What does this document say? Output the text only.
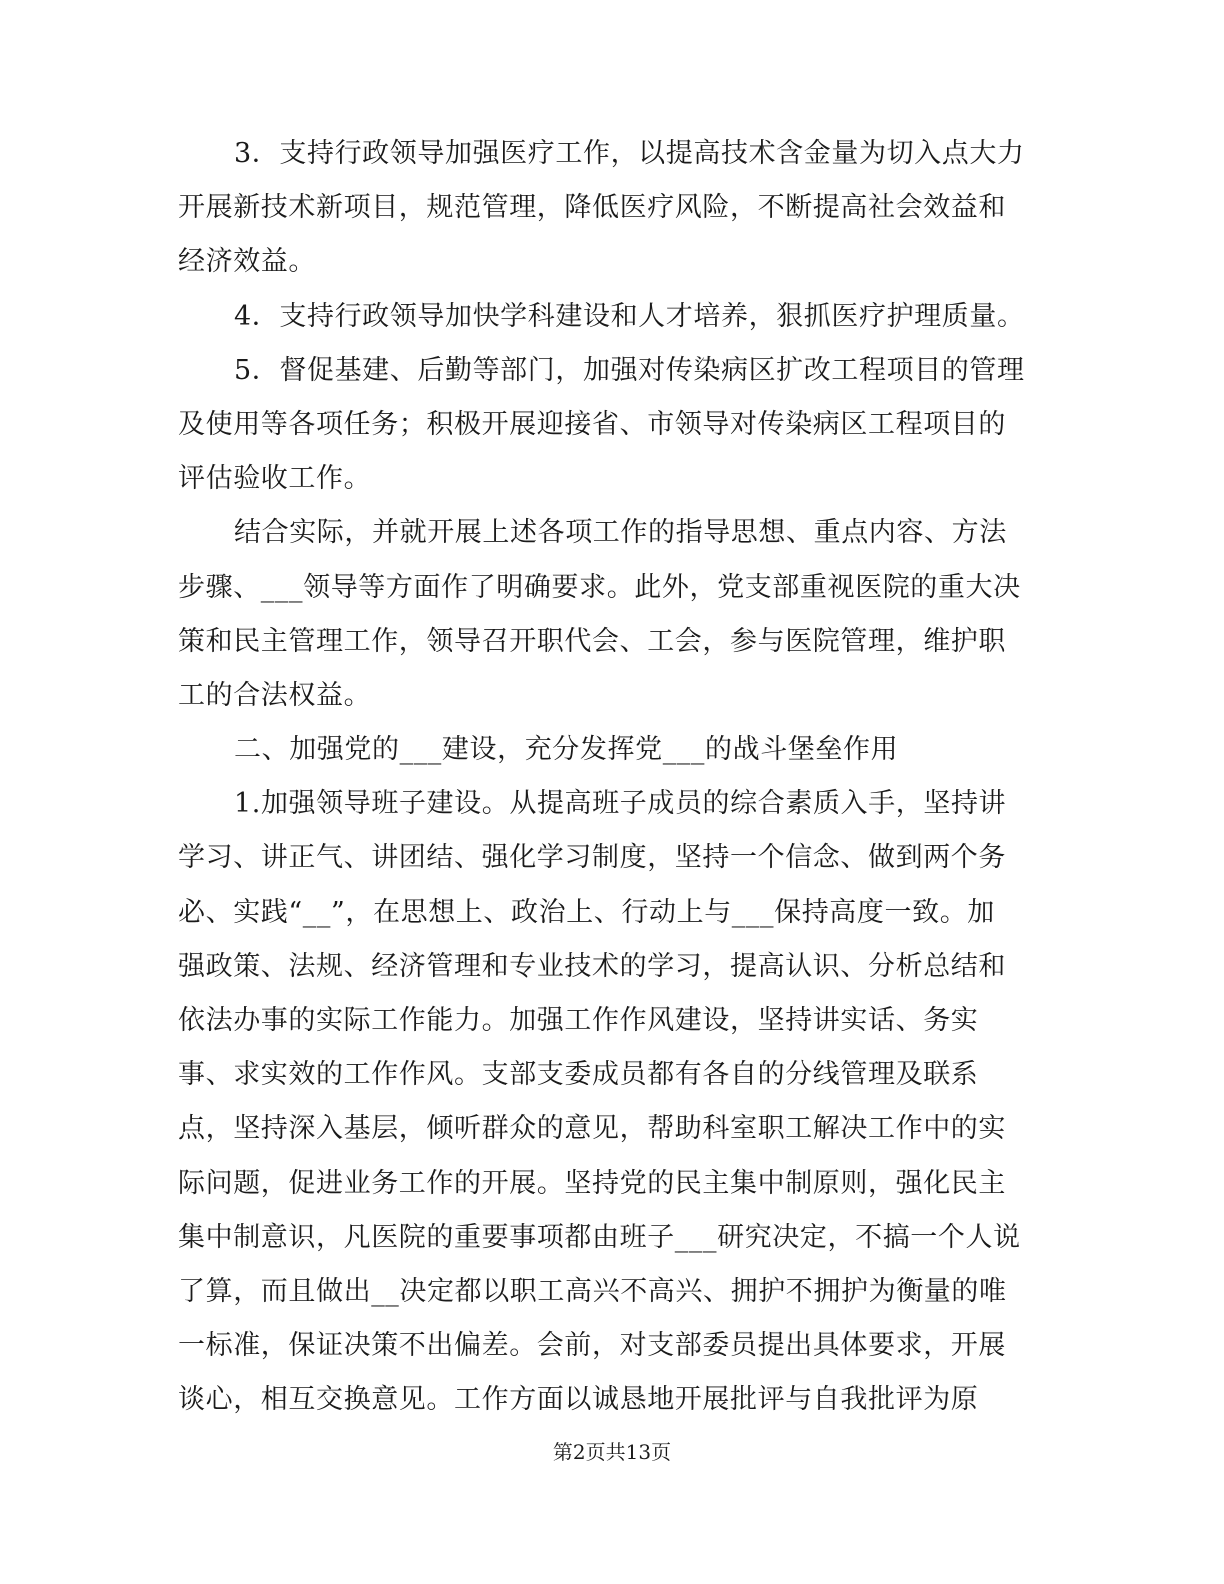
3．支持行政领导加强医疗工作，以提高技术含金量为切入点大力
开展新技术新项目，规范管理，降低医疗风险，不断提高社会效益和
经济效益。
4．支持行政领导加快学科建设和人才培养，狠抓医疗护理质量。
5．督促基建、后勤等部门，加强对传染病区扩改工程项目的管理
及使用等各项任务；积极开展迎接省、市领导对传染病区工程项目的
评估验收工作。
结合实际，并就开展上述各项工作的指导思想、重点内容、方法
步骤、___领导等方面作了明确要求。此外，党支部重视医院的重大决
策和民主管理工作，领导召开职代会、工会，参与医院管理，维护职
工的合法权益。
二、加强党的___建设，充分发挥党___的战斗堡垒作用
1.加强领导班子建设。从提高班子成员的综合素质入手，坚持讲
学习、讲正气、讲团结、强化学习制度，坚持一个信念、做到两个务
必、实践“__”，在思想上、政治上、行动上与___保持高度一致。加
强政策、法规、经济管理和专业技术的学习，提高认识、分析总结和
依法办事的实际工作能力。加强工作作风建设，坚持讲实话、务实
事、求实效的工作作风。支部支委成员都有各自的分线管理及联系
点，坚持深入基层，倾听群众的意见，帮助科室职工解决工作中的实
际问题，促进业务工作的开展。坚持党的民主集中制原则，强化民主
集中制意识，凡医院的重要事项都由班子___研究决定，不搞一个人说
了算，而且做出__决定都以职工高兴不高兴、拥护不拥护为衡量的唯
一标准，保证决策不出偏差。会前，对支部委员提出具体要求，开展
谈心，相互交换意见。工作方面以诚恳地开展批评与自我批评为原
第2页共13页
